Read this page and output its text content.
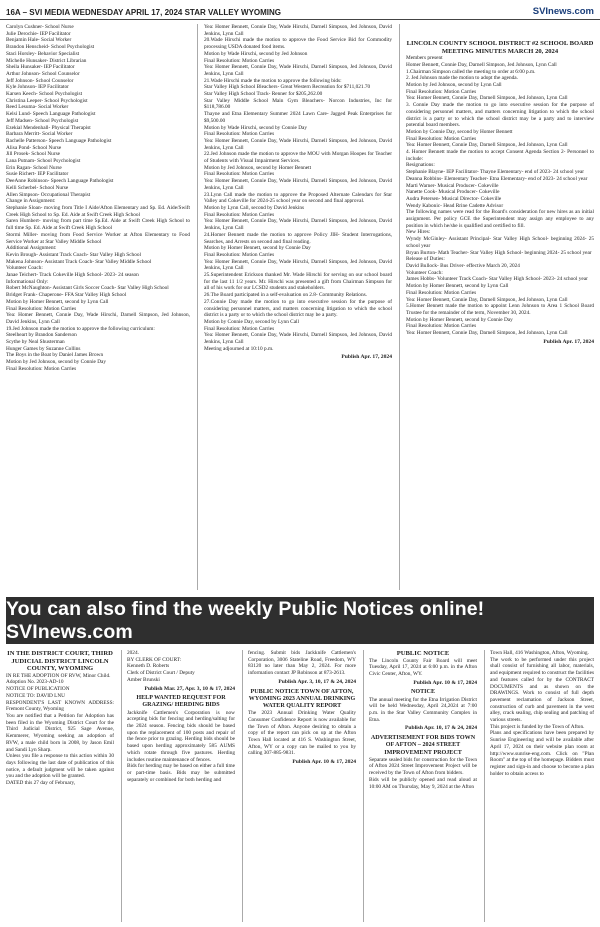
16A – SVI MEDIA WEDNESDAY APRIL 17, 2024 STAR VALLEY WYOMING	SVInews.com

Carolyn Cushner- School Nurse

Julie Derochie- IEP Facilitator

Benjamin Hale- Social Worker

Brandon Henscheid- School Psychologist

Staci Horsley- Behavior Specialist

Michelle Hunsaker- District Librarian

Sheila Hunsaker- IEP Facilitator

Arthur Johnson- School Counselor

Jeff Johnson- School Counselor

Kyle Johnson- IEP Facilitator

Karsen Keech- School Psychologist

Christina Leeper- School Psychologist

Reed Lesuma- Social Worker

Kelsi Lund- Speech Language Pathologist

Jeff Madsen- School Psychologist

Ezekial Mendenhall- Physical Therapist

Barbara Merritt- Social Worker

Rachelle Patterson- Speech Language Pathologist

Alisa Pond- School Nurse

Jill Prosek- School Nurse

Lana Putnam- School Psychologist

Erin Ragan- School Nurse

Susie Richert- IEP Facilitator

DeeAnne Robinson- Speech Language Pathologist

Kelli Scherbel- School Nurse

Allen Simpson- Occupational Therapist

Change in Assignment:

Stephanie Sloan- moving from Title I Aide/Afton Elementary and Sp. Ed. Aide/Swift Creek High School to Sp. Ed. Aide at Swift Creek High School

Saren Humbert- moving from part time Sp.Ed. Aide at Swift Creek High School to full time Sp. Ed. Aide at Swift Creek High School

Stormi Miller- moving from Food Service Worker at Afton Elementary to Food Service Worker at Star Valley Middle School

Additional Assignment:

Kevin Brough- Assistant Track Coach- Star Valley High School

Makena Johnson- Assistant Track Coach- Star Valley Middle School

Volunteer Coach:

Janae Teichert- Track Cokeville High School- 2023- 24 season

Informational Only:

Robert McNaughton- Assistant Girls Soccer Coach- Star Valley High School

Bridget Frank- Chaperone- FFA Star Valley High School

Motion by Homer Bennett, second by Lynn Call

Final Resolution: Motion Carries

Yea: Homer Bennett, Connie Day, Wade Hirschi, Darnell Simpson, Jed Johnson, David Jenkins, Lynn Call

19.Jed Johnson made the motion to approve the following curriculum:

Steelheart by Brandon Sanderson

Scythe by Neal Shusterman

Hunger Games by Suzanne Collins

The Boys in the Boat by Daniel James Brown

Motion by Jed Johnson, second by Connie Day

Final Resolution: Motion Carries

Yea: Homer Bennett, Connie Day, Wade Hirschi, Darnell Simpson, Jed Johnson, David Jenkins, Lynn Call

20.Wade Hirschi made the motion to approve the Food Service Bid for Commodity processing USDA donated food items.

Motion by Wade Hirschi, second by Jed Johnson

Final Resolution: Motion Carries

Yea: Homer Bennett, Connie Day, Wade Hirschi, Darnell Simpson, Jed Johnson, David Jenkins, Lynn Call

21.Wade Hirschi made the motion to approve the following bids:

Star Valley High School Bleachers- Great Western Recreation for $711,021.70

Star Valley High School Track- Renner for $205,262.00

Star Valley Middle School Main Gym Bleachers- Norcon Industries, Inc for $118,786.00

Thayne and Etna Elementary Summer 2024 Lawn Care- Jagged Peak Enterprises for $9,500.00

Motion by Wade Hirschi, second by Connie Day

Final Resolution: Motion Carries

Yea: Homer Bennett, Connie Day, Wade Hirschi, Darnell Simpson, Jed Johnson, David Jenkins, Lynn Call

22.Jed Johnson made the motion to approve the MOU with Morgan Hoopes for Teacher of Students with Visual Impairment Services.

Motion by Jed Johnson, second by Homer Bennett

Final Resolution: Motion Carries

Yea: Homer Bennett, Connie Day, Wade Hirschi, Darnell Simpson, Jed Johnson, David Jenkins, Lynn Call

23.Lynn Call made the motion to approve the Proposed Alternate Calendars for Star Valley and Cokeville for 2024-25 school year on second and final approval.

Motion by Lynn Call, second by David Jenkins

Final Resolution: Motion Carries

Yea: Homer Bennett, Connie Day, Wade Hirschi, Darnell Simpson, Jed Johnson, David Jenkins, Lynn Call

24.Homer Bennett made the motion to approve Policy JIH- Student Interrogations, Searches, and Arrests on second and final reading.

Motion by Homer Bennett, second by Connie Day

Final Resolution: Motion Carries

Yea: Homer Bennett, Connie Day, Wade Hirschi, Darnell Simpson, Jed Johnson, David Jenkins, Lynn Call

25.Superintendent Erickson thanked Mr. Wade Hirschi for serving on our school board for the last 11 1/2 years. Mr. Hirschi was presented a gift from Chairman Simpson for all of his work for our LCSD2 students and stakeholders.

26.The Board participated in a self-evaluation on 2.8- Community Relations.

27.Connie Day made the motion to go into executive session for the purpose of considering personnel matters, and matters concerning litigation to which the school district is a party or to which the school district may be a party.

Motion by Connie Day, second by Lynn Call

Final Resolution: Motion Carries

Yea: Homer Bennett, Connie Day, Wade Hirschi, Darnell Simpson, Jed Johnson, David Jenkins, Lynn Call

Meeting adjourned at 10:10 p.m.

Publish Apr. 17, 2024

LINCOLN COUNTY SCHOOL DISTRICT #2 SCHOOL BOARD MEETING MINUTES MARCH 20, 2024

Members present

Homer Bennett, Connie Day, Darnell Simpson, Jed Johnson, Lynn Call

1.Chairman Simpson called the meeting to order at 6:00 p.m.

2. Jed Johnson made the motion to adopt the agenda.

Motion by Jed Johnson, second by Lynn Call

Final Resolution: Motion Carries

Yea: Homer Bennett, Connie Day, Darnell Simpson, Jed Johnson, Lynn Call

3. Connie Day made the motion to go into executive session for the purpose of considering personnel matters, and matters concerning litigation to which the school district is a party or to which the school district may be a party and to interview potential board members.

Motion by Connie Day, second by Homer Bennett

Final Resolution: Motion Carries

Yea: Homer Bennett, Connie Day, Darnell Simpson, Jed Johnson, Lynn Call

4. Homer Bennett made the motion to accept Consent Agenda Section 2- Personnel to include:

Resignations:

Stephanie Blayne- IEP Facilitator- Thayne Elementary- end of 2023- 24 school year

Deanna Robbins- Elementary Teacher- Etna Elementary- end of 2023- 24 school year

Marti Warner- Musical Producer- Cokeville

Nanette Cook- Musical Producer- Cokeville

Audra Petersen- Musical Director- Cokeville

Wendy Kabonic- Head Rrine Cadette Advisor

The following names were read for the Board's consideration for new hires as an initial assignment. Per policy GCE the Superintendent may assign any employee to any position in which he/she is qualified and certified to fill.

New Hires:

Wyndy McGinley- Assistant Principal- Star Valley High School- beginning 2024- 25 school year

Bryan Burton- Math Teacher- Star Valley High School- beginning 2024- 25 school year

Release of Duties:

David Bullock- Bus Driver- effective March 20, 2024

Volunteer Coach:

James Hobbs- Volunteer Track Coach- Star Valley High School- 2023- 24 school year

Motion by Homer Bennett, second by Lynn Call

Final Resolution: Motion Carries

Yea: Homer Bennett, Connie Day, Darnell Simpson, Jed Johnson, Lynn Call

5.Homer Bennett made the motion to appoint Lenn Johnson to Area 1 School Board Trustee for the remainder of the term, November 30, 2024.

Motion by Homer Bennett, second by Connie Day

Final Resolution: Motion Carries

Yea: Homer Bennett, Connie Day, Darnell Simpson, Jed Johnson, Lynn Call

Publish Apr. 17, 2024

You can also find the weekly Public Notices online! SVInews.com

IN THE DISTRICT COURT, THIRD JUDICIAL DISTRICT LINCOLN COUNTY, WYOMING

IN RE THE ADOPTION OF RVW, Minor Child.

Adoption No. 2023-AD-10

NOTICE OF PUBLICATION

NOTICE TO: DAVID LNU

RESPONDENT'S LAST KNOWN ADDRESS: Fremont County, Wyoming

You are notified that a Petition for Adoption has been filed in the Wyoming District Court for the Third Judicial District, 925 Sage Avenue, Kemmerer, Wyoming seeking an adoption of RVW, a male child born in 2008, by Jason Emil and Sandi Lyn Sharp.

Unless you file a response to this action within 30 days following the last date of publication of this notice, a default judgment will be taken against you and the adoption will be granted.

DATED this 27 day of February,

2024.

BY CLERK OF COURT:

Kenneth D. Roberts

Clerk of District Court / Deputy

Amber Brunski

Publish Mar. 27, Apr. 3, 10 & 17, 2024

HELP WANTED REQUEST FOR GRAZING/ HERDING BIDS

Jackknife Cattlemen's Corporation is now accepting bids for fencing and herding/salting for the 2024 season. Fencing bids should be based upon the replacement of 100 posts and repair of the fence prior to grazing. Herding bids should be based upon herding approximately 585 AUMS which rotate through five pastures. Herding includes routine maintenance of fences.

Bids for herding may be based on either a full time or part-time basis. Bids may be submitted separately or combined for both herding and

fencing. Submit bids Jackknife Cattlemen's Corporation, 3006 Stateline Road, Freedom, WY 83120 no later than May 2, 2024. For more information contact JP Robinson at 873-2613.

Publish Apr. 3, 10, 17 & 24, 2024

PUBLIC NOTICE TOWN OF AFTON, WYOMING 2023 ANNUAL DRINKING WATER QUALITY REPORT

The 2023 Annual Drinking Water Quality Consumer Confidence Report is now available for the Town of Afton. Anyone desiring to obtain a copy of the report can pick on up at the Afton Town Hall located at 416 S. Washington Street, Afton, WY or a copy can be mailed to you by calling 307-885-9831.

Publish Apr. 10 & 17, 2024

PUBLIC NOTICE

The Lincoln County Fair Board will meet Tuesday, April 17, 2024 at 6:00 p.m. in the Afton Civic Center, Afton, WY.

Publish Apr. 10 & 17, 2024

NOTICE

The annual meeting for the Etna Irrigation District will be held Wednesday, April 24,2024 at 7:00 p.m. in the Star Valley Community Complex in Etna.

Publish Apr. 10, 17 & 24, 2024

ADVERTISEMENT FOR BIDS TOWN OF AFTON – 2024 STREET IMPROVEMENT PROJECT

Separate sealed bids for construction for the Town of Afton 2024 Street Improvement Project will be received by the Town of Afton from bidders.

Bids will be publicly opened and read aloud at 10:00 AM on Thursday, May 9, 2024 at the Afton

Town Hall, 416 Washington, Afton, Wyoming.

The work to be performed under this project shall consist of furnishing all labor, materials, and equipment required to construct the facilities and features called for by the CONTRACT DOCUMENTS and as shown on the DRAWINGS. Work to consist of full depth pavement reclamation of Jackson Street, construction of curb and pavement in the west alley, crack sealing, chip sealing and patching of various streets.

This project is funded by the Town of Afton.

Plans and specifications have been prepared by Sunrise Engineering and will be available after April 17, 2024 on their website plan room at http://www.sunrise-eng.com. Click on "Plan Room" at the top of the homepage. Bidders must register and sign-in and choose to become a plan holder to obtain access to
